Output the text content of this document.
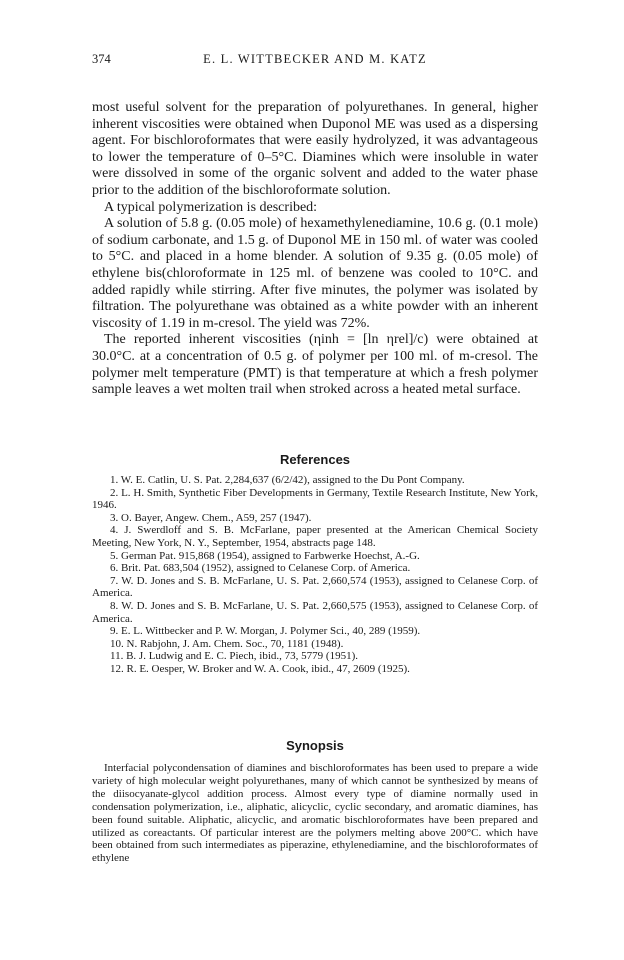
374	E. L. WITTBECKER AND M. KATZ

most useful solvent for the preparation of polyurethanes. In general, higher inherent viscosities were obtained when Duponol ME was used as a dispersing agent. For bischloroformates that were easily hydrolyzed, it was advantageous to lower the temperature of 0–5°C. Diamines which were insoluble in water were dissolved in some of the organic solvent and added to the water phase prior to the addition of the bischloroformate solution.

A typical polymerization is described:

A solution of 5.8 g. (0.05 mole) of hexamethylenediamine, 10.6 g. (0.1 mole) of sodium carbonate, and 1.5 g. of Duponol ME in 150 ml. of water was cooled to 5°C. and placed in a home blender. A solution of 9.35 g. (0.05 mole) of ethylene bis(chloroformate in 125 ml. of benzene was cooled to 10°C. and added rapidly while stirring. After five minutes, the polymer was isolated by filtration. The polyurethane was obtained as a white powder with an inherent viscosity of 1.19 in m-cresol. The yield was 72%.

The reported inherent viscosities (ηinh = [ln ηrel]/c) were obtained at 30.0°C. at a concentration of 0.5 g. of polymer per 100 ml. of m-cresol. The polymer melt temperature (PMT) is that temperature at which a fresh polymer sample leaves a wet molten trail when stroked across a heated metal surface.

References
1. W. E. Catlin, U. S. Pat. 2,284,637 (6/2/42), assigned to the Du Pont Company.
2. L. H. Smith, Synthetic Fiber Developments in Germany, Textile Research Institute, New York, 1946.
3. O. Bayer, Angew. Chem., A59, 257 (1947).
4. J. Swerdloff and S. B. McFarlane, paper presented at the American Chemical Society Meeting, New York, N. Y., September, 1954, abstracts page 148.
5. German Pat. 915,868 (1954), assigned to Farbwerke Hoechst, A.-G.
6. Brit. Pat. 683,504 (1952), assigned to Celanese Corp. of America.
7. W. D. Jones and S. B. McFarlane, U. S. Pat. 2,660,574 (1953), assigned to Celanese Corp. of America.
8. W. D. Jones and S. B. McFarlane, U. S. Pat. 2,660,575 (1953), assigned to Celanese Corp. of America.
9. E. L. Wittbecker and P. W. Morgan, J. Polymer Sci., 40, 289 (1959).
10. N. Rabjohn, J. Am. Chem. Soc., 70, 1181 (1948).
11. B. J. Ludwig and E. C. Piech, ibid., 73, 5779 (1951).
12. R. E. Oesper, W. Broker and W. A. Cook, ibid., 47, 2609 (1925).
Synopsis

Interfacial polycondensation of diamines and bischloroformates has been used to prepare a wide variety of high molecular weight polyurethanes, many of which cannot be synthesized by means of the diisocyanate-glycol addition process. Almost every type of diamine normally used in condensation polymerization, i.e., aliphatic, alicyclic, cyclic secondary, and aromatic diamines, has been found suitable. Aliphatic, alicyclic, and aromatic bischloroformates have been prepared and utilized as coreactants. Of particular interest are the polymers melting above 200°C. which have been obtained from such intermediates as piperazine, ethylenediamine, and the bischloroformates of ethylene
